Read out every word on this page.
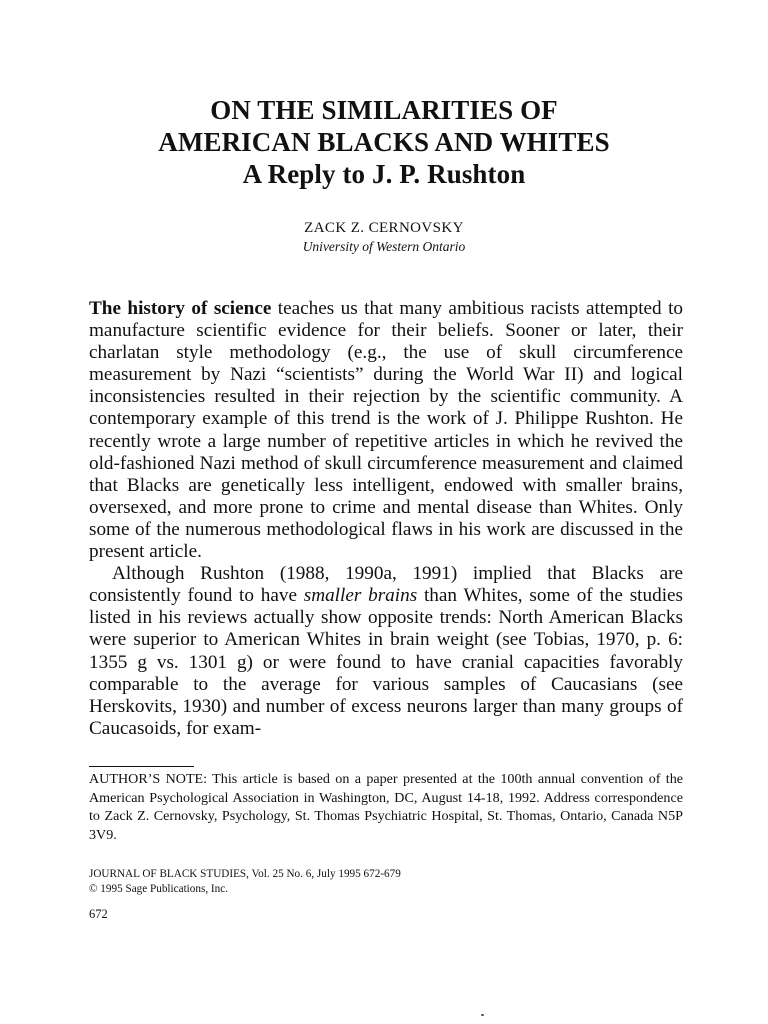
ON THE SIMILARITIES OF
AMERICAN BLACKS AND WHITES
A Reply to J. P. Rushton
ZACK Z. CERNOVSKY
University of Western Ontario

The history of science teaches us that many ambitious racists attempted to manufacture scientific evidence for their beliefs. Sooner or later, their charlatan style methodology (e.g., the use of skull circumference measurement by Nazi “scientists” during the World War II) and logical inconsistencies resulted in their rejection by the scientific community. A contemporary example of this trend is the work of J. Philippe Rushton. He recently wrote a large number of repetitive articles in which he revived the old-fashioned Nazi method of skull circumference measurement and claimed that Blacks are genetically less intelligent, endowed with smaller brains, oversexed, and more prone to crime and mental disease than Whites. Only some of the numerous methodological flaws in his work are discussed in the present article.

Although Rushton (1988, 1990a, 1991) implied that Blacks are consistently found to have smaller brains than Whites, some of the studies listed in his reviews actually show opposite trends: North American Blacks were superior to American Whites in brain weight (see Tobias, 1970, p. 6: 1355 g vs. 1301 g) or were found to have cranial capacities favorably comparable to the average for various samples of Caucasians (see Herskovits, 1930) and number of excess neurons larger than many groups of Caucasoids, for exam-

AUTHOR’S NOTE: This article is based on a paper presented at the 100th annual convention of the American Psychological Association in Washington, DC, August 14-18, 1992. Address correspondence to Zack Z. Cernovsky, Psychology, St. Thomas Psychiatric Hospital, St. Thomas, Ontario, Canada N5P 3V9.
JOURNAL OF BLACK STUDIES, Vol. 25 No. 6, July 1995 672-679
© 1995 Sage Publications, Inc.
672
